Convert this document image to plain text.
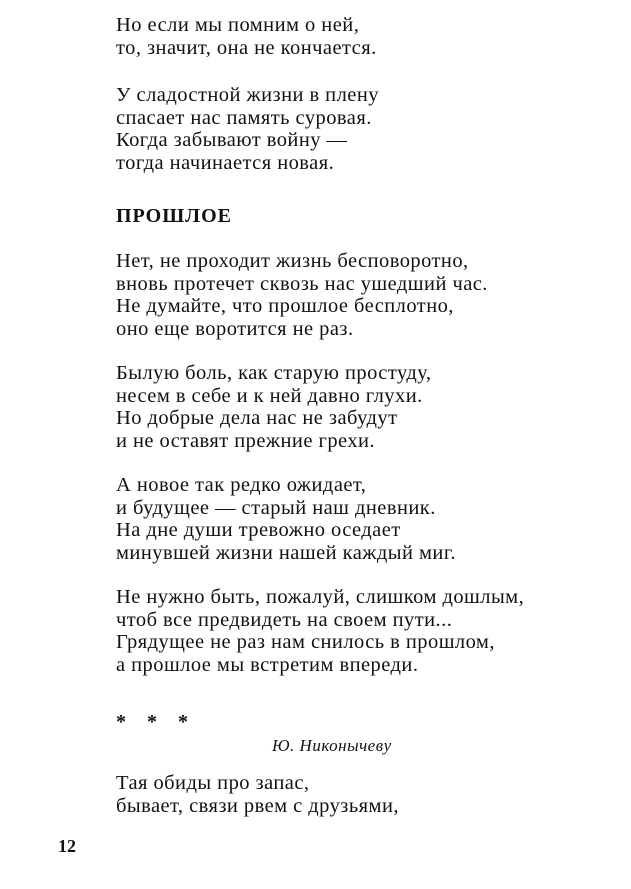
Но если мы помним о ней,
то, значит, она не кончается.
У сладостной жизни в плену
спасает нас память суровая.
Когда забывают войну —
тогда начинается новая.
ПРОШЛОЕ
Нет, не проходит жизнь бесповоротно,
вновь протечет сквозь нас ушедший час.
Не думайте, что прошлое бесплотно,
оно еще воротится не раз.
Былую боль, как старую простуду,
несем в себе и к ней давно глухи.
Но добрые дела нас не забудут
и не оставят прежние грехи.
А новое так редко ожидает,
и будущее — старый наш дневник.
На дне души тревожно оседает
минувшей жизни нашей каждый миг.
Не нужно быть, пожалуй, слишком дошлым,
чтоб все предвидеть на своем пути...
Грядущее не раз нам снилось в прошлом,
а прошлое мы встретим впереди.
* * *
Ю. Никонычеву
Тая обиды про запас,
бывает, связи рвем с друзьями,
12
